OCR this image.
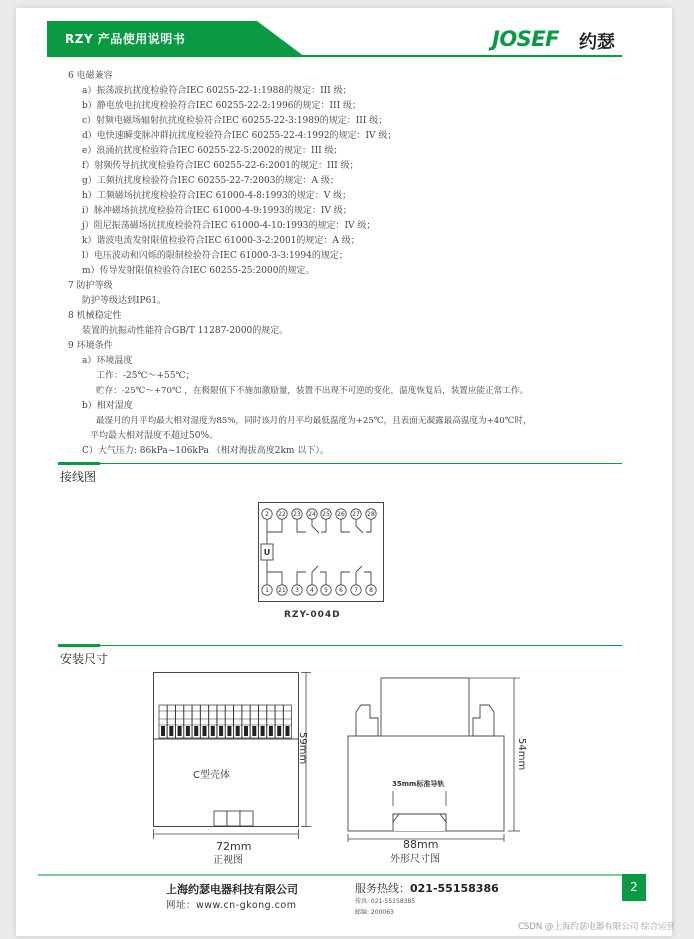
RZY 产品使用说明书	JOSEF 约瑟
6 电磁兼容
a）振荡波抗扰度检验符合IEC 60255-22-1:1988的规定：III 级；
b）静电放电抗扰度检验符合IEC 60255-22-2:1996的规定：III 级；
c）射频电磁场辐射抗扰度检验符合IEC 60255-22-3:1989的规定：III 级；
d）电快速瞬变脉冲群抗扰度检验符合IEC 60255-22-4:1992的规定：IV 级；
e）浪涌抗扰度检验符合IEC 60255-22-5:2002的规定：III 级；
f）射频传导抗扰度检验符合IEC 60255-22-6:2001的规定：III 级；
g）工频抗扰度检验符合IEC 60255-22-7:2003的规定：A 级；
h）工频磁场抗扰度检验符合IEC 61000-4-8:1993的规定：V 级；
i）脉冲磁场抗扰度检验符合IEC 61000-4-9:1993的规定：IV 级；
j）阻尼振荡磁场抗扰度检验符合IEC 61000-4-10:1993的规定：IV 级；
k）谐波电流发射限值检验符合IEC 61000-3-2:2001的规定：A 级；
l）电压波动和闪烁的限制检验符合IEC 61000-3-3:1994的规定；
m）传导发射限值检验符合IEC 60255-25:2000的规定。
7 防护等级
防护等级达到IP61。
8 机械稳定性
装置的抗振动性能符合GB/T 11287-2000的规定。
9 环境条件
a）环境温度
工作：-25℃～+55℃；
贮存：-25℃～+70℃ ，在极限值下不施加激励量，装置不出现不可逆的变化，温度恢复后，装置应能正常工作。
b）相对湿度
最湿月的月平均最大相对湿度为85%，同时该月的月平均最低温度为+25℃，且表面无凝露最高温度为+40℃时，
平均最大相对湿度不超过50%。
C）大气压力: 86kPa~106kPa （相对海拔高度2km 以下）。
接线图
2 22 23 24 25 26 27 28
1 21 3 4 5 6 7 8
U
RZY-004D
安装尺寸
C型壳体
59mm
72mm
正视图
35mm标准导轨
54mm
88mm
外形尺寸图
上海约瑟电器科技有限公司
网址：www.cn-gkong.com
服务热线：021-55158386
传真: 021-55158385
邮编: 200063
2
CSDN @上海约瑟电器有限公司 综合运营
